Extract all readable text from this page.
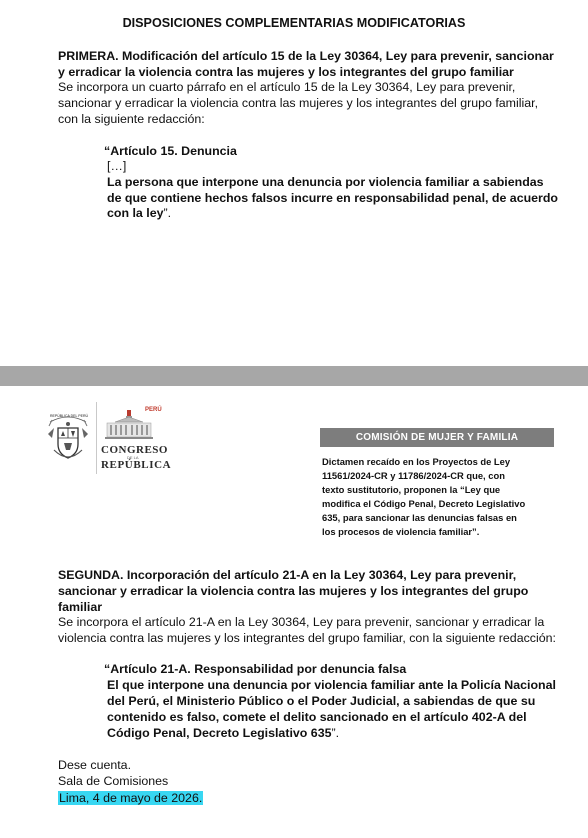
DISPOSICIONES COMPLEMENTARIAS MODIFICATORIAS

PRIMERA. Modificación del artículo 15 de la Ley 30364, Ley para prevenir, sancionar

y erradicar la violencia contra las mujeres y los integrantes del grupo familiar

Se incorpora un cuarto párrafo en el artículo 15 de la Ley 30364, Ley para prevenir,

sancionar y erradicar la violencia contra las mujeres y los integrantes del grupo familiar,

con la siguiente redacción:

“Artículo 15. Denuncia

[…]

La persona que interpone una denuncia por violencia familiar a sabiendas

de que contiene hechos falsos incurre en responsabilidad penal, de acuerdo

con la ley”.

REPÚBLICA DEL PERÚ

PERÚ
CONGRESO
DE LA
REPÚBLICA
COMISIÓN DE MUJER Y FAMILIA

Dictamen recaído en los Proyectos de Ley

11561/2024-CR y 11786/2024-CR que, con

texto sustitutorio, proponen la “Ley que

modifica el Código Penal, Decreto Legislativo

635, para sancionar las denuncias falsas en

los procesos de violencia familiar”.

SEGUNDA. Incorporación del artículo 21-A en la Ley 30364, Ley para prevenir,

sancionar y erradicar la violencia contra las mujeres y los integrantes del grupo

familiar

Se incorpora el artículo 21-A en la Ley 30364, Ley para prevenir, sancionar y erradicar la

violencia contra las mujeres y los integrantes del grupo familiar, con la siguiente redacción:

“Artículo 21-A. Responsabilidad por denuncia falsa

El que interpone una denuncia por violencia familiar ante la Policía Nacional

del Perú, el Ministerio Público o el Poder Judicial, a sabiendas de que su

contenido es falso, comete el delito sancionado en el artículo 402-A del

Código Penal, Decreto Legislativo 635”.

Dese cuenta.

Sala de Comisiones

Lima, 4 de mayo de 2026.
